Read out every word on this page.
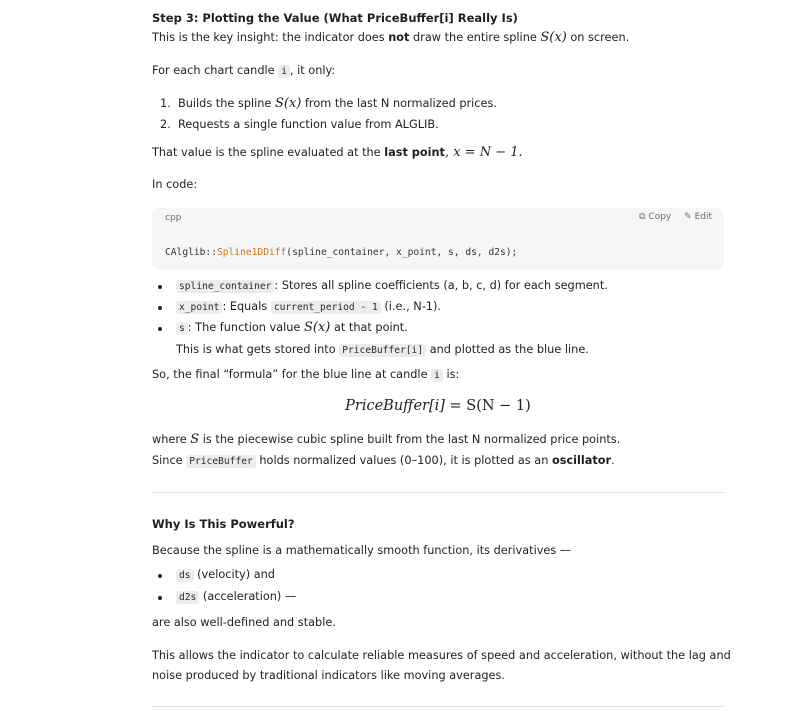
Step 3: Plotting the Value (What PriceBuffer[i] Really Is)
This is the key insight: the indicator does not draw the entire spline S(x) on screen.
For each chart candle i , it only:
1. Builds the spline S(x) from the last N normalized prices.
2. Requests a single function value from ALGLIB.
That value is the spline evaluated at the last point, x = N − 1.
In code:
cpp	⧉ Copy ✎ Edit
CAlglib::Spline1DDiff(spline_container, x_point, s, ds, d2s);
spline_container : Stores all spline coefficients (a, b, c, d) for each segment.
x_point : Equals current_period - 1 (i.e., N-1).
s : The function value S(x) at that point.
This is what gets stored into PriceBuffer[i] and plotted as the blue line.
So, the final “formula” for the blue line at candle i is:
PriceBuffer[i] = S(N − 1)
where S is the piecewise cubic spline built from the last N normalized price points.
Since PriceBuffer holds normalized values (0–100), it is plotted as an oscillator.
Why Is This Powerful?
Because the spline is a mathematically smooth function, its derivatives —
ds (velocity) and
d2s (acceleration) —
are also well-defined and stable.
This allows the indicator to calculate reliable measures of speed and acceleration, without the lag and
noise produced by traditional indicators like moving averages.
